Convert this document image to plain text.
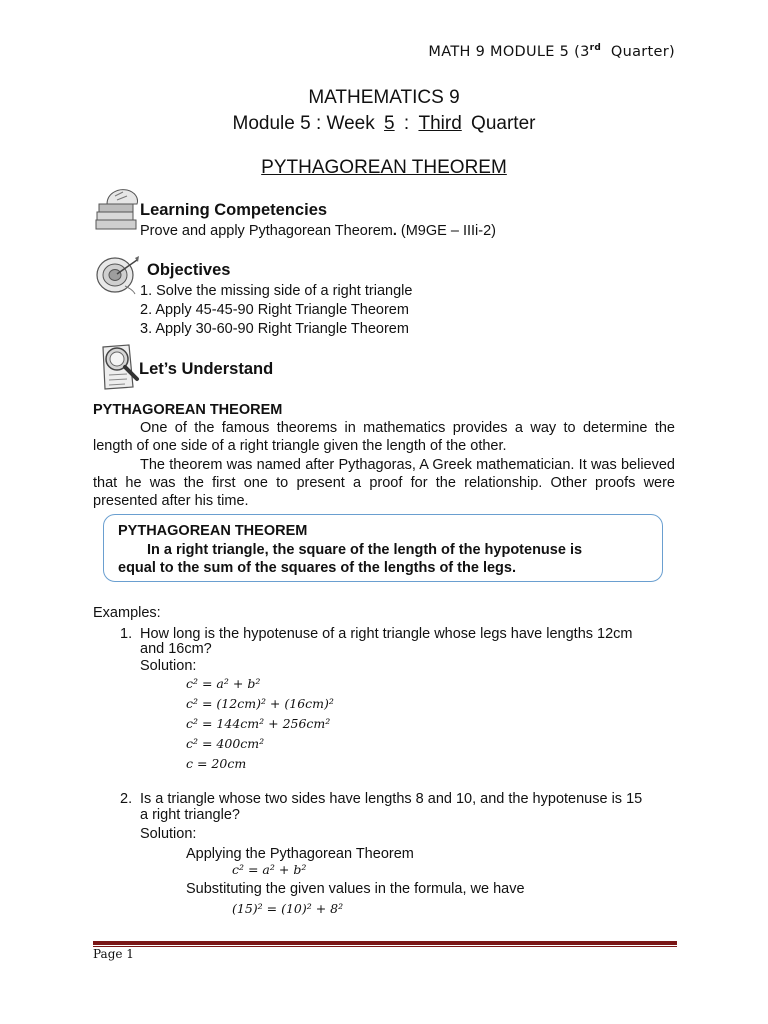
MATH 9 MODULE 5 (3rd  Quarter)
MATHEMATICS 9
Module 5 : Week 5 : Third Quarter
PYTHAGOREAN THEOREM
Learning Competencies
Prove and apply Pythagorean Theorem. (M9GE – IIIi-2)
Objectives
1. Solve the missing side of a right triangle
2. Apply 45-45-90 Right Triangle Theorem
3. Apply 30-60-90 Right Triangle Theorem
Let’s Understand
PYTHAGOREAN THEOREM
One of the famous theorems in mathematics provides a way to determine the length of one side of a right triangle given the length of the other.
The theorem was named after Pythagoras, A Greek mathematician. It was believed that he was the first one to present a proof for the relationship. Other proofs were presented after his time.
PYTHAGOREAN THEOREM
In a right triangle, the square of the length of the hypotenuse is
equal to the sum of the squares of the lengths of the legs.
Examples:
1. How long is the hypotenuse of a right triangle whose legs have lengths 12cm
and 16cm?
Solution:
c² = a² + b²
c² = (12cm)² + (16cm)²
c² = 144cm² + 256cm²
c² = 400cm²
c = 20cm
2. Is a triangle whose two sides have lengths 8 and 10, and the hypotenuse is 15
a right triangle?
Solution:
Applying the Pythagorean Theorem
c² = a² + b²
Substituting the given values in the formula, we have
(15)² = (10)² + 8²
Page 1
